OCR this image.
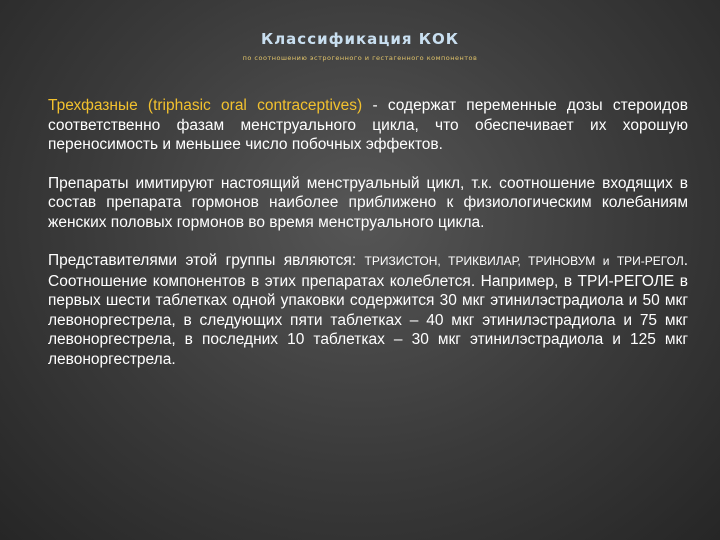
Классификация КОК
по соотношению эстрогенного и гестагенного компонентов

Трехфазные (triphasic oral contraceptives) - содержат переменные дозы стероидов соответственно фазам менструального цикла, что обеспечивает их хорошую переносимость и меньшее число побочных эффектов.

Препараты имитируют настоящий менструальный цикл, т.к. соотношение входящих в состав препарата гормонов наиболее приближено к физиологическим колебаниям женских половых гормонов во время менструального цикла.

Представителями этой группы являются: ТРИЗИСТОН, ТРИКВИЛАР, ТРИНОВУМ и ТРИ-РЕГОЛ. Соотношение компонентов в этих препаратах колеблется. Например, в ТРИ-РЕГОЛЕ в первых шести таблетках одной упаковки содержится 30 мкг этинилэстрадиола и 50 мкг левоноргестрела, в следующих пяти таблетках – 40 мкг этинилэстрадиола и 75 мкг левоноргестрела, в последних 10 таблетках – 30 мкг этинилэстрадиола и 125 мкг левоноргестрела.
